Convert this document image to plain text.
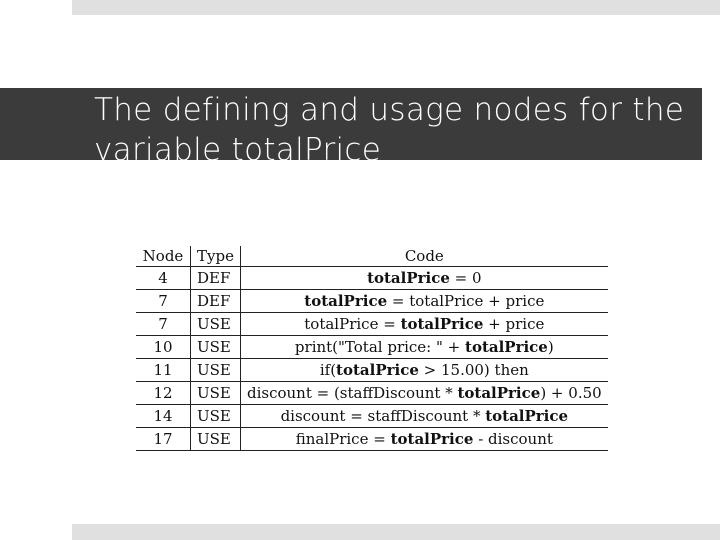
The defining and usage nodes for the
variable totalPrice
Node	Type	Code
4	DEF	totalPrice = 0
7	DEF	totalPrice = totalPrice + price
7	USE	totalPrice = totalPrice + price
10	USE	print("Total price: " + totalPrice)
11	USE	if(totalPrice > 15.00) then
12	USE	discount = (staffDiscount * totalPrice) + 0.50
14	USE	discount = staffDiscount * totalPrice
17	USE	finalPrice = totalPrice - discount
